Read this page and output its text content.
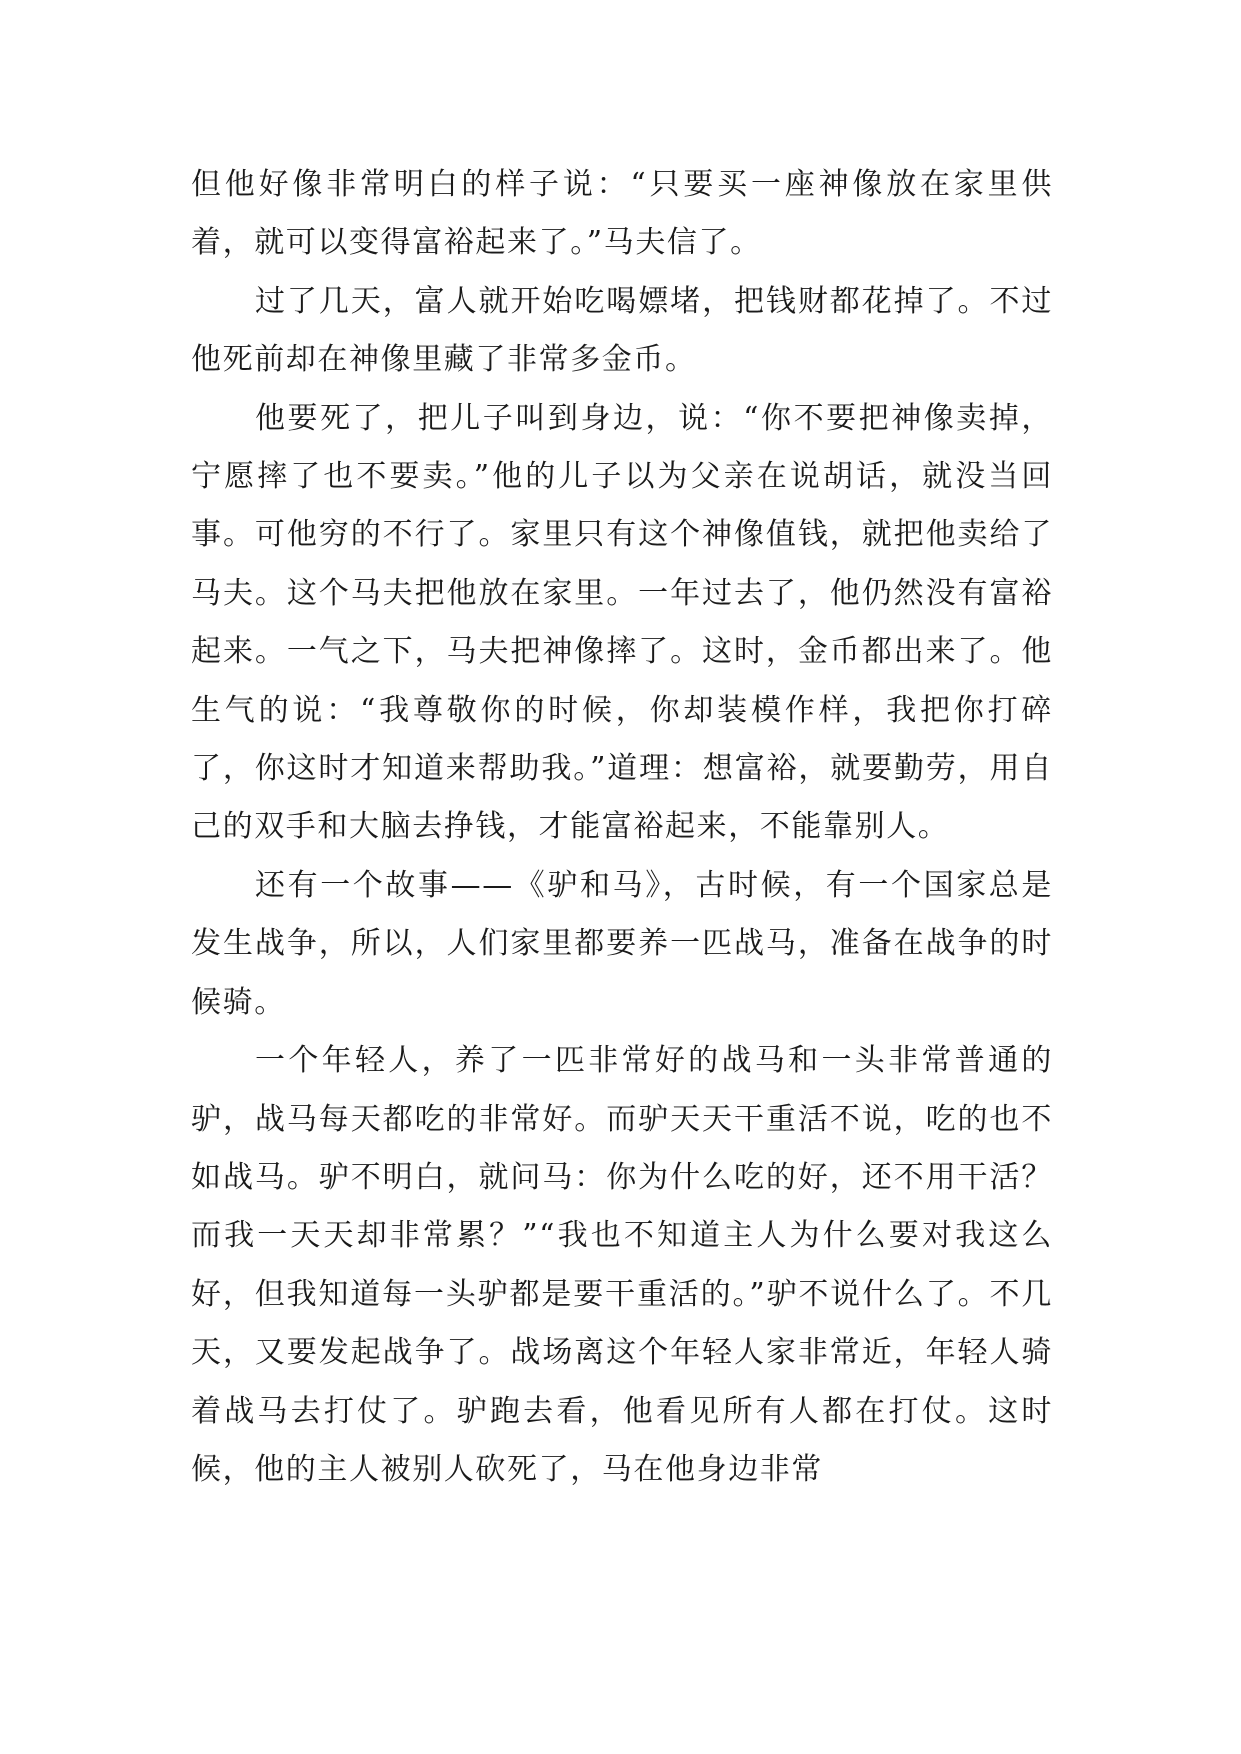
但他好像非常明白的样子说：“只要买一座神像放在家里供着，就可以变得富裕起来了。”马夫信了。

过了几天，富人就开始吃喝嫖堵，把钱财都花掉了。不过他死前却在神像里藏了非常多金币。

他要死了，把儿子叫到身边，说：“你不要把神像卖掉，宁愿摔了也不要卖。”他的儿子以为父亲在说胡话，就没当回事。可他穷的不行了。家里只有这个神像值钱，就把他卖给了马夫。这个马夫把他放在家里。一年过去了，他仍然没有富裕起来。一气之下，马夫把神像摔了。这时，金币都出来了。他生气的说：“我尊敬你的时候，你却装模作样，我把你打碎了，你这时才知道来帮助我。”道理：想富裕，就要勤劳，用自己的双手和大脑去挣钱，才能富裕起来，不能靠别人。

还有一个故事——《驴和马》，古时候，有一个国家总是发生战争，所以，人们家里都要养一匹战马，准备在战争的时候骑。

一个年轻人，养了一匹非常好的战马和一头非常普通的驴，战马每天都吃的非常好。而驴天天干重活不说，吃的也不如战马。驴不明白，就问马：你为什么吃的好，还不用干活？而我一天天却非常累？”“我也不知道主人为什么要对我这么好，但我知道每一头驴都是要干重活的。”驴不说什么了。不几天，又要发起战争了。战场离这个年轻人家非常近，年轻人骑着战马去打仗了。驴跑去看，他看见所有人都在打仗。这时候，他的主人被别人砍死了，马在他身边非常
